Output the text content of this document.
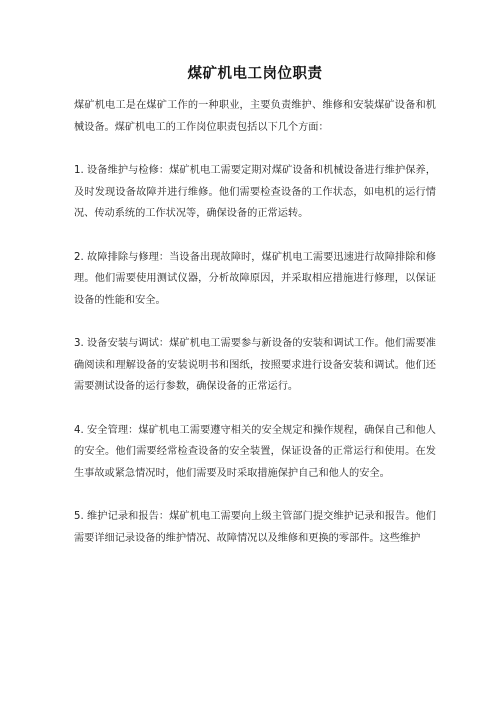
煤矿机电工岗位职责

煤矿机电工是在煤矿工作的一种职业，主要负责维护、维修和安装煤矿设备和机械设备。煤矿机电工的工作岗位职责包括以下几个方面：

1. 设备维护与检修：煤矿机电工需要定期对煤矿设备和机械设备进行维护保养，及时发现设备故障并进行维修。他们需要检查设备的工作状态，如电机的运行情况、传动系统的工作状况等，确保设备的正常运转。

2. 故障排除与修理：当设备出现故障时，煤矿机电工需要迅速进行故障排除和修理。他们需要使用测试仪器，分析故障原因，并采取相应措施进行修理，以保证设备的性能和安全。

3. 设备安装与调试：煤矿机电工需要参与新设备的安装和调试工作。他们需要准确阅读和理解设备的安装说明书和图纸，按照要求进行设备安装和调试。他们还需要测试设备的运行参数，确保设备的正常运行。

4. 安全管理：煤矿机电工需要遵守相关的安全规定和操作规程，确保自己和他人的安全。他们需要经常检查设备的安全装置，保证设备的正常运行和使用。在发生事故或紧急情况时，他们需要及时采取措施保护自己和他人的安全。

5. 维护记录和报告：煤矿机电工需要向上级主管部门提交维护记录和报告。他们需要详细记录设备的维护情况、故障情况以及维修和更换的零部件。这些维护
